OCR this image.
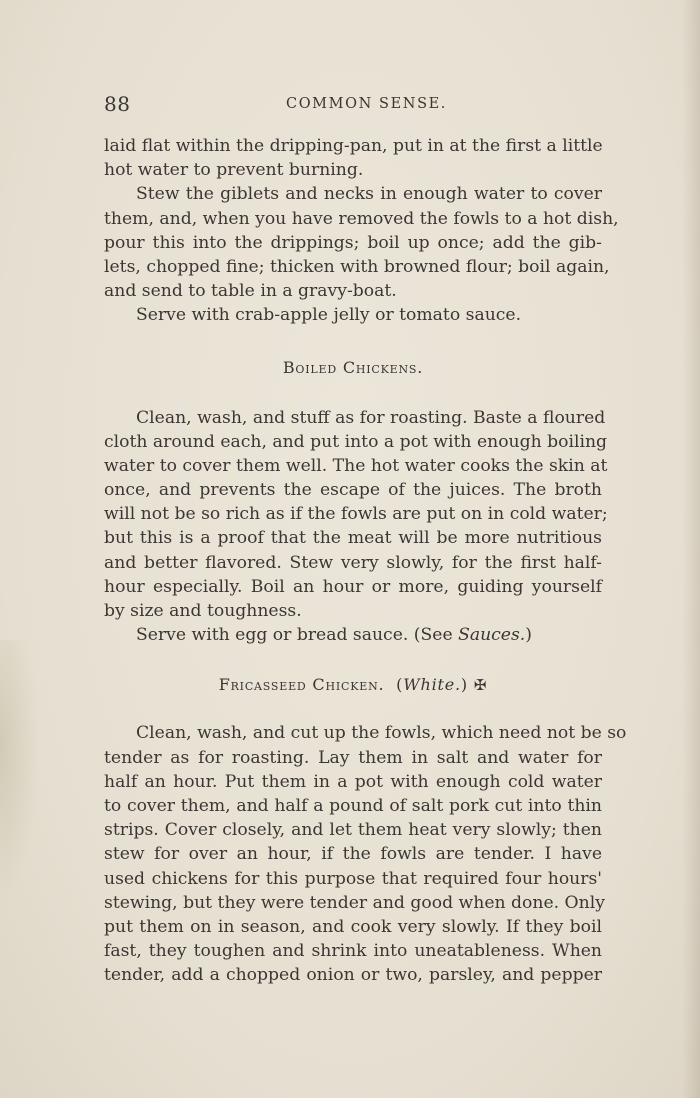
88	COMMON SENSE.
laid flat within the dripping-pan, put in at the first a little
hot water to prevent burning.
Stew the giblets and necks in enough water to cover
them, and, when you have removed the fowls to a hot dish,
pour this into the drippings; boil up once; add the gib-
lets, chopped fine; thicken with browned flour; boil again,
and send to table in a gravy-boat.
Serve with crab-apple jelly or tomato sauce.
Boiled Chickens.
Clean, wash, and stuff as for roasting. Baste a floured
cloth around each, and put into a pot with enough boiling
water to cover them well. The hot water cooks the skin at
once, and prevents the escape of the juices. The broth
will not be so rich as if the fowls are put on in cold water;
but this is a proof that the meat will be more nutritious
and better flavored. Stew very slowly, for the first half-
hour especially. Boil an hour or more, guiding yourself
by size and toughness.
Serve with egg or bread sauce. (See Sauces.)
Fricasseed Chicken. (White.) ✠
Clean, wash, and cut up the fowls, which need not be so
tender as for roasting. Lay them in salt and water for
half an hour. Put them in a pot with enough cold water
to cover them, and half a pound of salt pork cut into thin
strips. Cover closely, and let them heat very slowly; then
stew for over an hour, if the fowls are tender. I have
used chickens for this purpose that required four hours'
stewing, but they were tender and good when done. Only
put them on in season, and cook very slowly. If they boil
fast, they toughen and shrink into uneatableness. When
tender, add a chopped onion or two, parsley, and pepper
